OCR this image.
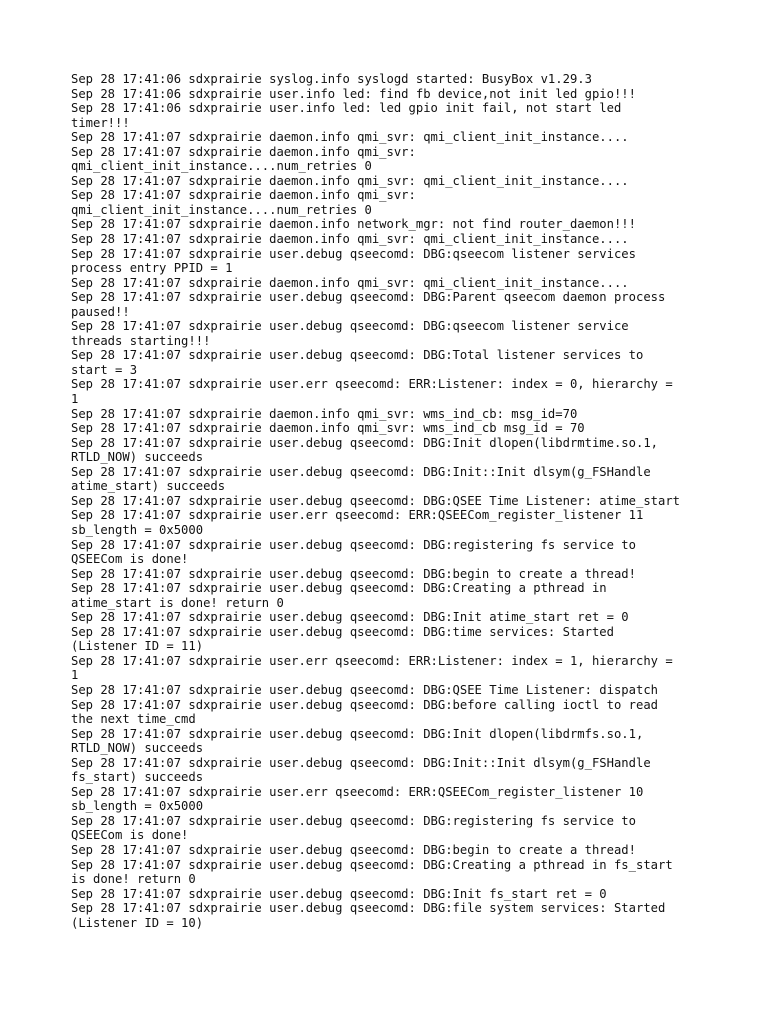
Sep 28 17:41:06 sdxprairie syslog.info syslogd started: BusyBox v1.29.3
Sep 28 17:41:06 sdxprairie user.info led: find fb device,not init led gpio!!!
Sep 28 17:41:06 sdxprairie user.info led: led gpio init fail, not start led
timer!!!
Sep 28 17:41:07 sdxprairie daemon.info qmi_svr: qmi_client_init_instance....
Sep 28 17:41:07 sdxprairie daemon.info qmi_svr:
qmi_client_init_instance....num_retries 0
Sep 28 17:41:07 sdxprairie daemon.info qmi_svr: qmi_client_init_instance....
Sep 28 17:41:07 sdxprairie daemon.info qmi_svr:
qmi_client_init_instance....num_retries 0
Sep 28 17:41:07 sdxprairie daemon.info network_mgr: not find router_daemon!!!
Sep 28 17:41:07 sdxprairie daemon.info qmi_svr: qmi_client_init_instance....
Sep 28 17:41:07 sdxprairie user.debug qseecomd: DBG:qseecom listener services
process entry PPID = 1
Sep 28 17:41:07 sdxprairie daemon.info qmi_svr: qmi_client_init_instance....
Sep 28 17:41:07 sdxprairie user.debug qseecomd: DBG:Parent qseecom daemon process
paused!!
Sep 28 17:41:07 sdxprairie user.debug qseecomd: DBG:qseecom listener service
threads starting!!!
Sep 28 17:41:07 sdxprairie user.debug qseecomd: DBG:Total listener services to
start = 3
Sep 28 17:41:07 sdxprairie user.err qseecomd: ERR:Listener: index = 0, hierarchy =
1
Sep 28 17:41:07 sdxprairie daemon.info qmi_svr: wms_ind_cb: msg_id=70
Sep 28 17:41:07 sdxprairie daemon.info qmi_svr: wms_ind_cb msg_id = 70
Sep 28 17:41:07 sdxprairie user.debug qseecomd: DBG:Init dlopen(libdrmtime.so.1,
RTLD_NOW) succeeds
Sep 28 17:41:07 sdxprairie user.debug qseecomd: DBG:Init::Init dlsym(g_FSHandle
atime_start) succeeds
Sep 28 17:41:07 sdxprairie user.debug qseecomd: DBG:QSEE Time Listener: atime_start
Sep 28 17:41:07 sdxprairie user.err qseecomd: ERR:QSEECom_register_listener 11
sb_length = 0x5000
Sep 28 17:41:07 sdxprairie user.debug qseecomd: DBG:registering fs service to
QSEECom is done!
Sep 28 17:41:07 sdxprairie user.debug qseecomd: DBG:begin to create a thread!
Sep 28 17:41:07 sdxprairie user.debug qseecomd: DBG:Creating a pthread in
atime_start is done! return 0
Sep 28 17:41:07 sdxprairie user.debug qseecomd: DBG:Init atime_start ret = 0
Sep 28 17:41:07 sdxprairie user.debug qseecomd: DBG:time services: Started
(Listener ID = 11)
Sep 28 17:41:07 sdxprairie user.err qseecomd: ERR:Listener: index = 1, hierarchy =
1
Sep 28 17:41:07 sdxprairie user.debug qseecomd: DBG:QSEE Time Listener: dispatch
Sep 28 17:41:07 sdxprairie user.debug qseecomd: DBG:before calling ioctl to read
the next time_cmd
Sep 28 17:41:07 sdxprairie user.debug qseecomd: DBG:Init dlopen(libdrmfs.so.1,
RTLD_NOW) succeeds
Sep 28 17:41:07 sdxprairie user.debug qseecomd: DBG:Init::Init dlsym(g_FSHandle
fs_start) succeeds
Sep 28 17:41:07 sdxprairie user.err qseecomd: ERR:QSEECom_register_listener 10
sb_length = 0x5000
Sep 28 17:41:07 sdxprairie user.debug qseecomd: DBG:registering fs service to
QSEECom is done!
Sep 28 17:41:07 sdxprairie user.debug qseecomd: DBG:begin to create a thread!
Sep 28 17:41:07 sdxprairie user.debug qseecomd: DBG:Creating a pthread in fs_start
is done! return 0
Sep 28 17:41:07 sdxprairie user.debug qseecomd: DBG:Init fs_start ret = 0
Sep 28 17:41:07 sdxprairie user.debug qseecomd: DBG:file system services: Started
(Listener ID = 10)
